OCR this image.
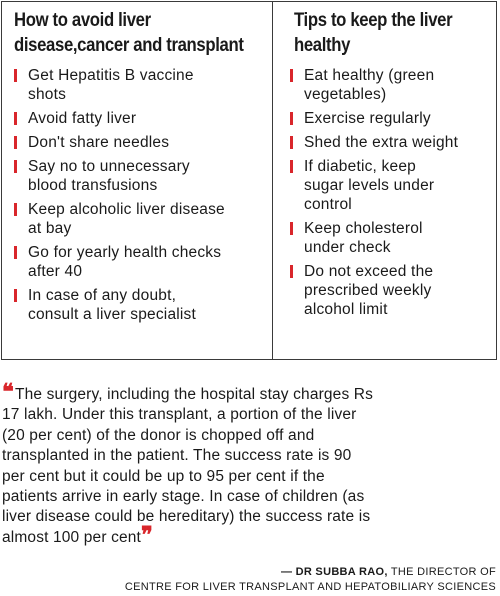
How to avoid liver
disease,cancer and transplant
Get Hepatitis B vaccine
shots
Avoid fatty liver
Don't share needles
Say no to unnecessary
blood transfusions
Keep alcoholic liver disease
at bay
Go for yearly health checks
after 40
In case of any doubt,
consult a liver specialist
Tips to keep the liver
healthy
Eat healthy (green
vegetables)
Exercise regularly
Shed the extra weight
If diabetic, keep
sugar levels under
control
Keep cholesterol
under check
Do not exceed the
prescribed weekly
alcohol limit
❝ The surgery, including the hospital stay charges Rs
17 lakh. Under this transplant, a portion of the liver
(20 per cent) of the donor is chopped off and
transplanted in the patient. The success rate is 90
per cent but it could be up to 95 per cent if the
patients arrive in early stage. In case of children (as
liver disease could be hereditary) the success rate is
almost 100 per cent❞
— DR SUBBA RAO, THE DIRECTOR OF
CENTRE FOR LIVER TRANSPLANT AND HEPATOBILIARY SCIENCES
